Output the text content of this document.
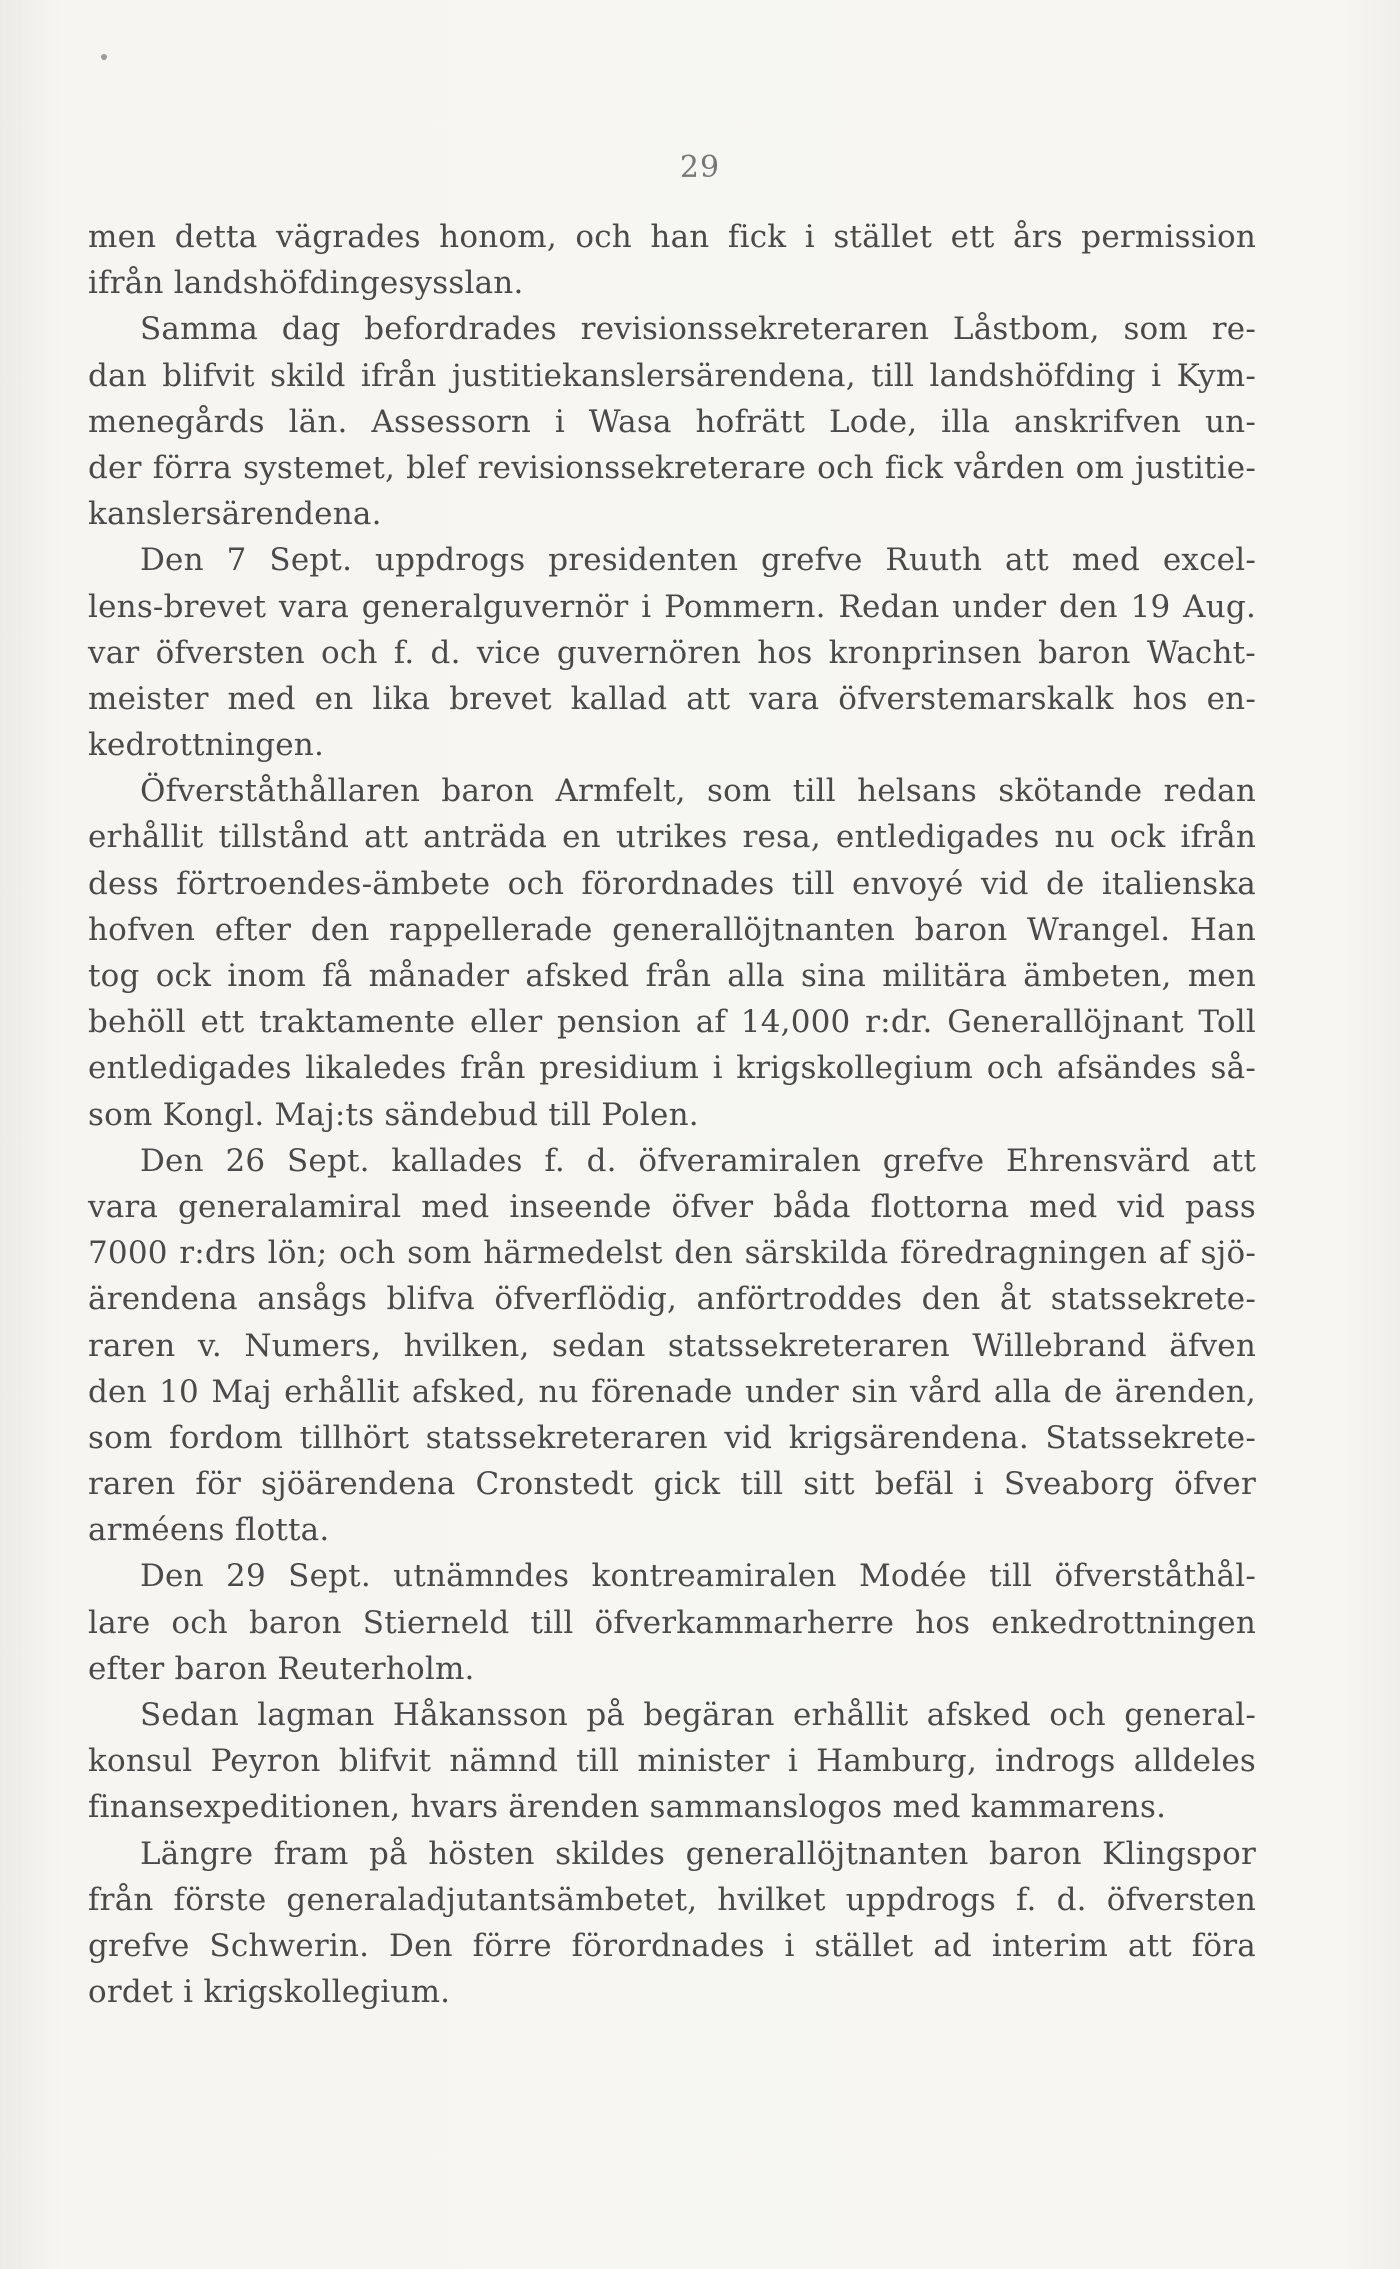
29
men detta vägrades honom, och han fick i stället ett års permission
ifrån landshöfdingesysslan.
Samma dag befordrades revisionssekreteraren Låstbom, som re-
dan blifvit skild ifrån justitiekanslersärendena, till landshöfding i Kym-
menegårds län. Assessorn i Wasa hofrätt Lode, illa anskrifven un-
der förra systemet, blef revisionssekreterare och fick vården om justitie-
kanslersärendena.
Den 7 Sept. uppdrogs presidenten grefve Ruuth att med excel-
lens-brevet vara generalguvernör i Pommern. Redan under den 19 Aug.
var öfversten och f. d. vice guvernören hos kronprinsen baron Wacht-
meister med en lika brevet kallad att vara öfverstemarskalk hos en-
kedrottningen.
Öfverståthållaren baron Armfelt, som till helsans skötande redan
erhållit tillstånd att anträda en utrikes resa, entledigades nu ock ifrån
dess förtroendes-ämbete och förordnades till envoyé vid de italienska
hofven efter den rappellerade generallöjtnanten baron Wrangel. Han
tog ock inom få månader afsked från alla sina militära ämbeten, men
behöll ett traktamente eller pension af 14,000 r:dr. Generallöjnant Toll
entledigades likaledes från presidium i krigskollegium och afsändes så-
som Kongl. Maj:ts sändebud till Polen.
Den 26 Sept. kallades f. d. öfveramiralen grefve Ehrensvärd att
vara generalamiral med inseende öfver båda flottorna med vid pass
7000 r:drs lön; och som härmedelst den särskilda föredragningen af sjö-
ärendena ansågs blifva öfverflödig, anförtroddes den åt statssekrete-
raren v. Numers, hvilken, sedan statssekreteraren Willebrand äfven
den 10 Maj erhållit afsked, nu förenade under sin vård alla de ärenden,
som fordom tillhört statssekreteraren vid krigsärendena. Statssekrete-
raren för sjöärendena Cronstedt gick till sitt befäl i Sveaborg öfver
arméens flotta.
Den 29 Sept. utnämndes kontreamiralen Modée till öfverståthål-
lare och baron Stierneld till öfverkammarherre hos enkedrottningen
efter baron Reuterholm.
Sedan lagman Håkansson på begäran erhållit afsked och general-
konsul Peyron blifvit nämnd till minister i Hamburg, indrogs alldeles
finansexpeditionen, hvars ärenden sammanslogos med kammarens.
Längre fram på hösten skildes generallöjtnanten baron Klingspor
från förste generaladjutantsämbetet, hvilket uppdrogs f. d. öfversten
grefve Schwerin. Den förre förordnades i stället ad interim att föra
ordet i krigskollegium.
